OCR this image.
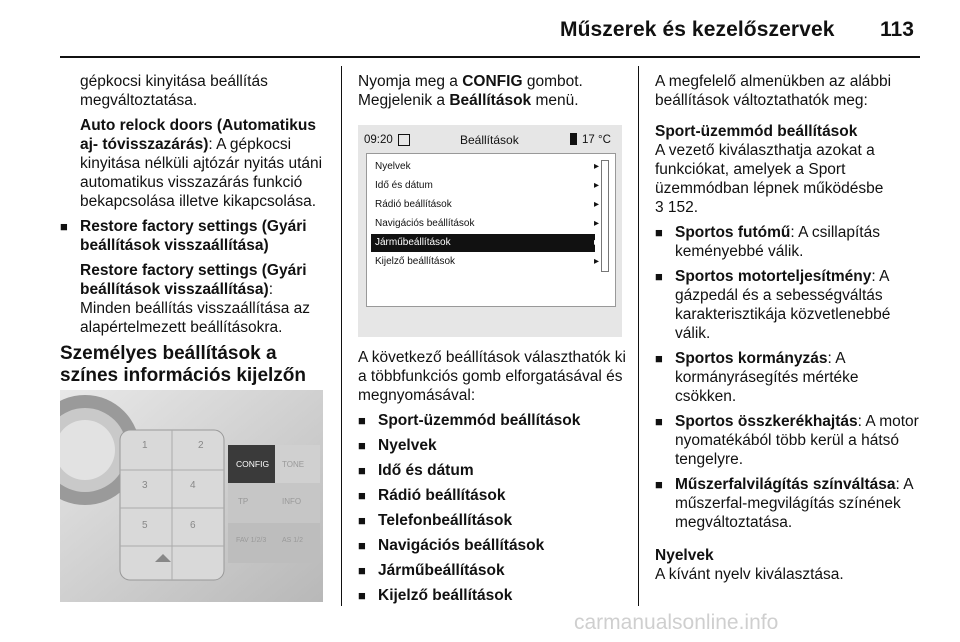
Műszerek és kezelőszervek 113

gépkocsi kinyitása beállítás megváltoztatása.

Auto relock doors (Automatikus aj- tóvisszazárás): A gépkocsi kinyitása nélküli ajtózár nyitás utáni automatikus visszazárás funkció bekapcsolása illetve kikapcsolása.

■ Restore factory settings (Gyári beállítások visszaállítása)

Restore factory settings (Gyári beállítások visszaállítása): Minden beállítás visszaállítása az alapértelmezett beállításokra.

Személyes beállítások a színes információs kijelzőn

1	2
3	4
5	6
CONFIG TONE
TP	INFO
FAV 1/2/3 AS 1/2

Nyomja meg a CONFIG gombot.

Megjelenik a Beállítások menü.

09:20	Beállítások	17 °C
Nyelvek	▸
Idő és dátum	▸
Rádió beállítások	▸
Navigációs beállítások	▸
Járműbeállítások	▸
Kijelző beállítások	▸

A következő beállítások választhatók ki a többfunkciós gomb elforgatásával és megnyomásával:

■ Sport-üzemmód beállítások
■ Nyelvek
■ Idő és dátum
■ Rádió beállítások
■ Telefonbeállítások
■ Navigációs beállítások
■ Járműbeállítások
■ Kijelző beállítások

A megfelelő almenükben az alábbi beállítások változtathatók meg:

Sport-üzemmód beállítások

A vezető kiválaszthatja azokat a funkciókat, amelyek a Sport üzemmódban lépnek működésbe

3 152.

■ Sportos futómű: A csillapítás keményebbé válik.
■ Sportos motorteljesítmény: A gázpedál és a sebességváltás karakterisztikája közvetlenebbé válik.
■ Sportos kormányzás: A kormányrásegítés mértéke csökken.
■ Sportos összkerékhajtás: A motor nyomatékából több kerül a hátsó tengelyre.
■ Műszerfalvilágítás színváltása: A műszerfal-megvilágítás színének megváltoztatása.

Nyelvek

A kívánt nyelv kiválasztása.

carmanualsonline.info
